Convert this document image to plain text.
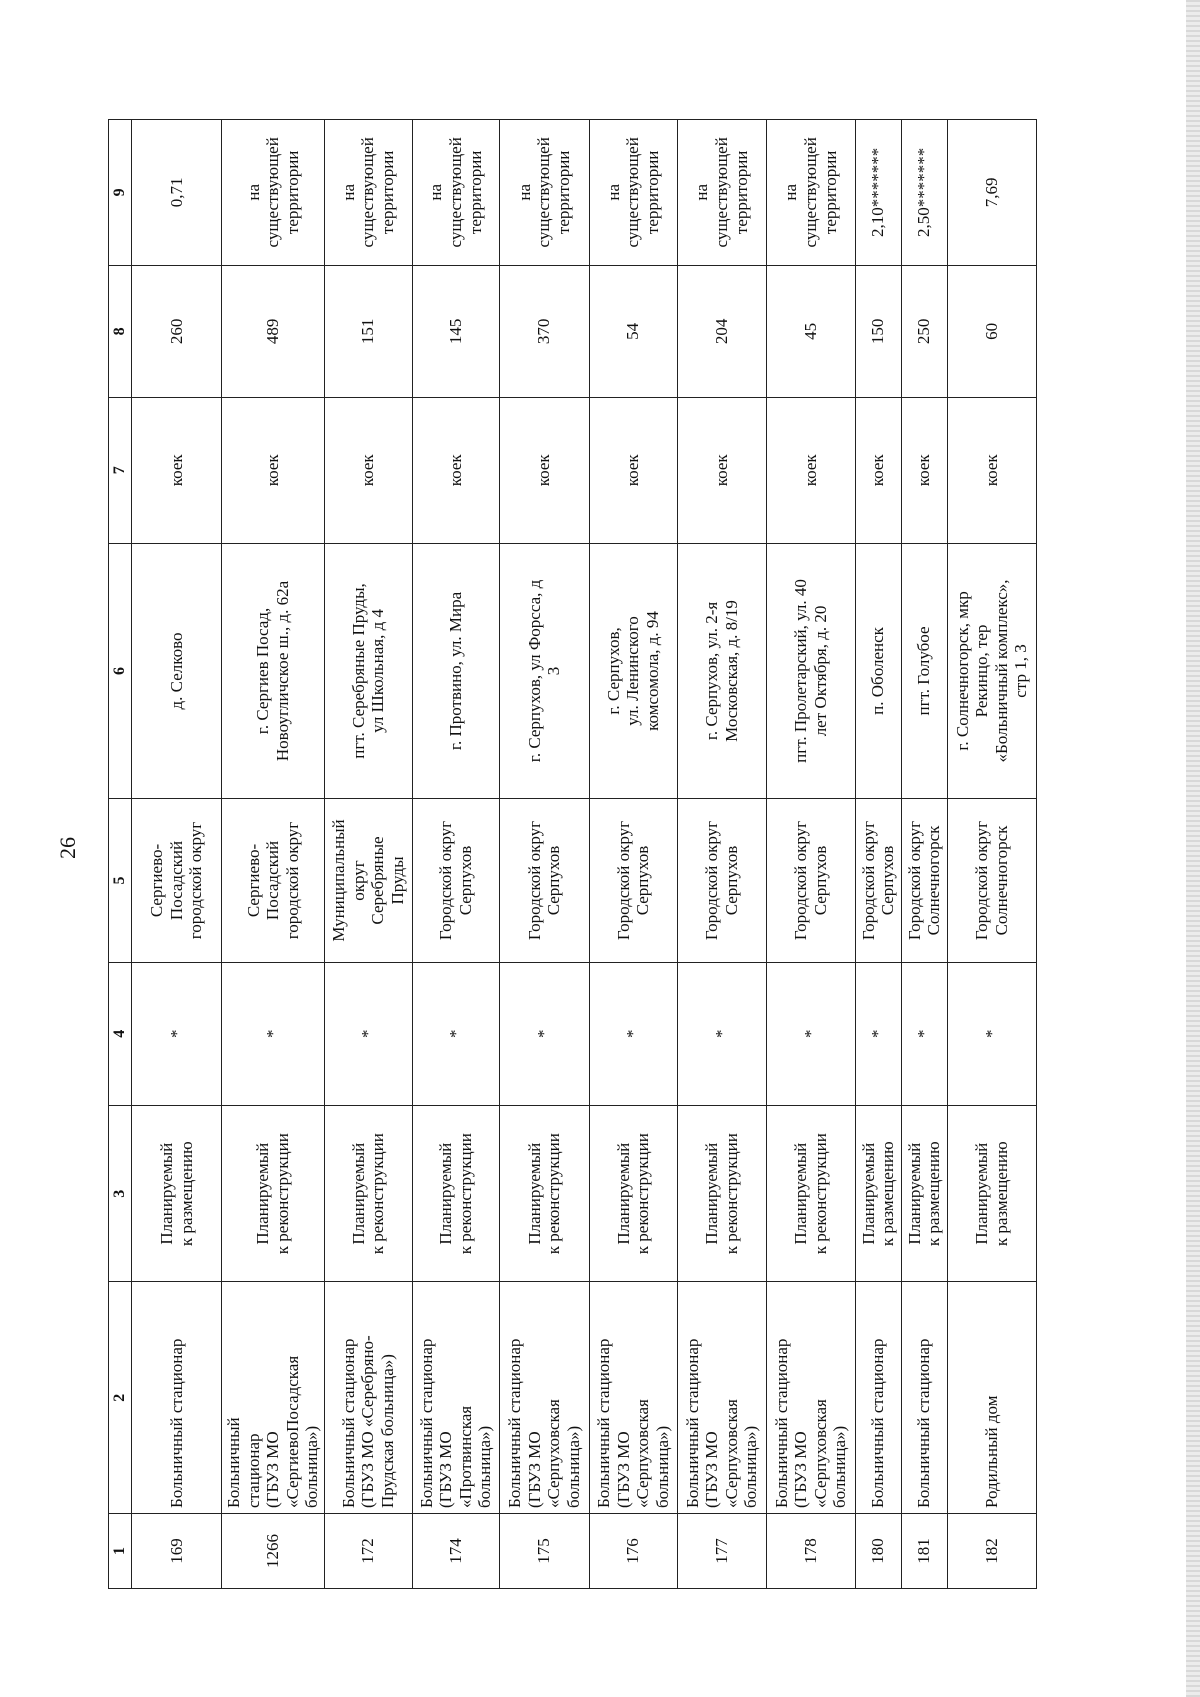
26
1	2	3	4	5	6	7	8	9
169	Больничный стационар	Планируемый
к размещению	*	Сергиево-
Посадский
городской округ	д. Селково	коек	260	0,71
1266	Больничный
стационар
(ГБУЗ МО
«СергиевоПосадская
больница»)	Планируемый
к реконструкции	*	Сергиево-
Посадский
городской округ	г. Сергиев Посад,
Новоугличское ш., д. 62а	коек	489	на
существующей
территории
172	Больничный стационар
(ГБУЗ МО «Серебряно-
Прудская больница»)	Планируемый
к реконструкции	*	Муниципальный
округ
Серебряные
Пруды	пгт. Серебряные Пруды,
ул Школьная, д 4	коек	151	на
существующей
территории
174	Больничный стационар
(ГБУЗ МО
«Протвинская
больница»)	Планируемый
к реконструкции	*	Городской округ
Серпухов	г. Протвино, ул. Мира	коек	145	на
существующей
территории
175	Больничный стационар
(ГБУЗ МО
«Серпуховская
больница»)	Планируемый
к реконструкции	*	Городской округ
Серпухов	г. Серпухов, ул Форсса, д
3	коек	370	на
существующей
территории
176	Больничный стационар
(ГБУЗ МО
«Серпуховская
больница»)	Планируемый
к реконструкции	*	Городской округ
Серпухов	г. Серпухов,
ул. Ленинского
комсомола, д. 94	коек	54	на
существующей
территории
177	Больничный стационар
(ГБУЗ МО
«Серпуховская
больница»)	Планируемый
к реконструкции	*	Городской округ
Серпухов	г. Серпухов, ул. 2-я
Московская, д. 8/19	коек	204	на
существующей
территории
178	Больничный стационар
(ГБУЗ МО
«Серпуховская
больница»)	Планируемый
к реконструкции	*	Городской округ
Серпухов	пгт. Пролетарский, ул. 40
лет Октября, д. 20	коек	45	на
существующей
территории
180	Больничный стационар	Планируемый
к размещению	*	Городской округ
Серпухов	п. Оболенск	коек	150	2,10*******
181	Больничный стационар	Планируемый
к размещению	*	Городской округ
Солнечногорск	пгт. Голубое	коек	250	2,50*******
182	Родильный дом	Планируемый
к размещению	*	Городской округ
Солнечногорск	г. Солнечногорск, мкр
Рекинцо, тер
«Больничный комплекс»,
стр 1, 3	коек	60	7,69
